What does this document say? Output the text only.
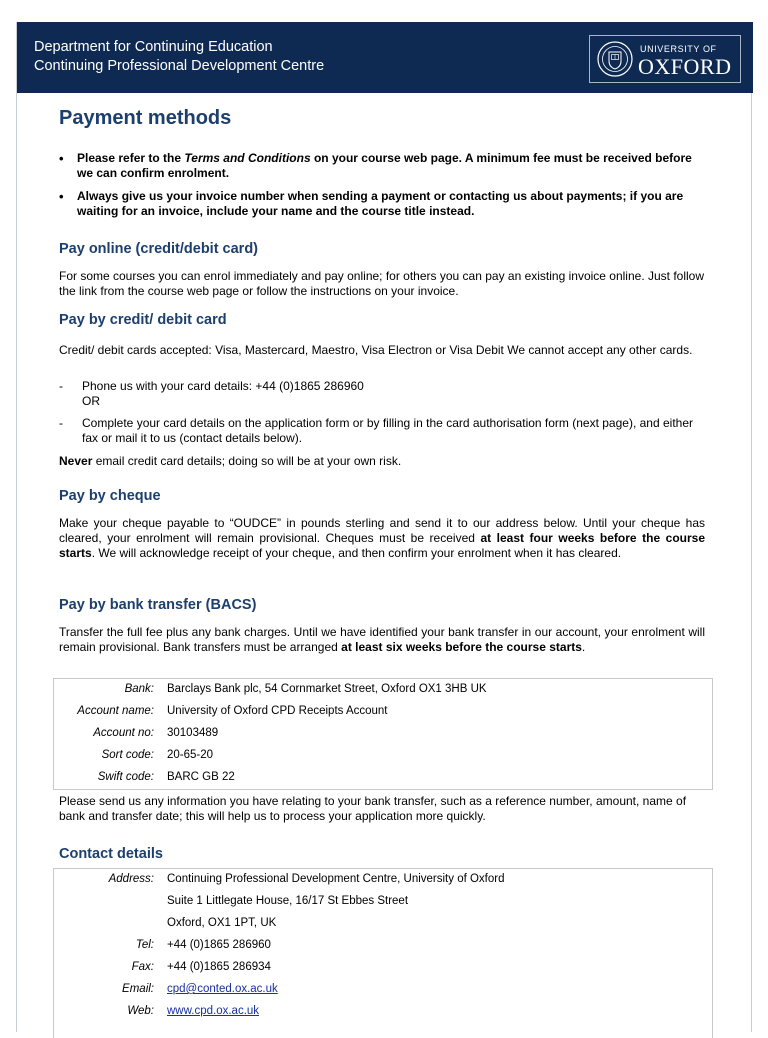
Department for Continuing Education
Continuing Professional Development Centre
UNIVERSITY OF
OXFORD
Payment methods
• Please refer to the Terms and Conditions on your course web page. A minimum fee must be received before we can confirm enrolment.
• Always give us your invoice number when sending a payment or contacting us about payments; if you are waiting for an invoice, include your name and the course title instead.
Pay online (credit/debit card)

For some courses you can enrol immediately and pay online; for others you can pay an existing invoice online. Just follow the link from the course web page or follow the instructions on your invoice.

Pay by credit/ debit card

Credit/ debit cards accepted: Visa, Mastercard, Maestro, Visa Electron or Visa Debit We cannot accept any other cards.

- Phone us with your card details: +44 (0)1865 286960
OR
- Complete your card details on the application form or by filling in the card authorisation form (next page), and either fax or mail it to us (contact details below).

Never email credit card details; doing so will be at your own risk.

Pay by cheque

Make your cheque payable to “OUDCE” in pounds sterling and send it to our address below. Until your cheque has cleared, your enrolment will remain provisional. Cheques must be received at least four weeks before the course starts. We will acknowledge receipt of your cheque, and then confirm your enrolment when it has cleared.

Pay by bank transfer (BACS)

Transfer the full fee plus any bank charges. Until we have identified your bank transfer in our account, your enrolment will remain provisional. Bank transfers must be arranged at least six weeks before the course starts.

Please send us any information you have relating to your bank transfer, such as a reference number, amount, name of bank and transfer date; this will help us to process your application more quickly.

Contact details
Bank: Barclays Bank plc, 54 Cornmarket Street, Oxford OX1 3HB UK
Account name: University of Oxford CPD Receipts Account
Account no: 30103489
Sort code: 20-65-20
Swift code: BARC GB 22
Address: Continuing Professional Development Centre, University of Oxford
Suite 1 Littlegate House, 16/17 St Ebbes Street
Oxford, OX1 1PT, UK
Tel: +44 (0)1865 286960
Fax: +44 (0)1865 286934
Email: cpd@conted.ox.ac.uk
Web: www.cpd.ox.ac.uk
